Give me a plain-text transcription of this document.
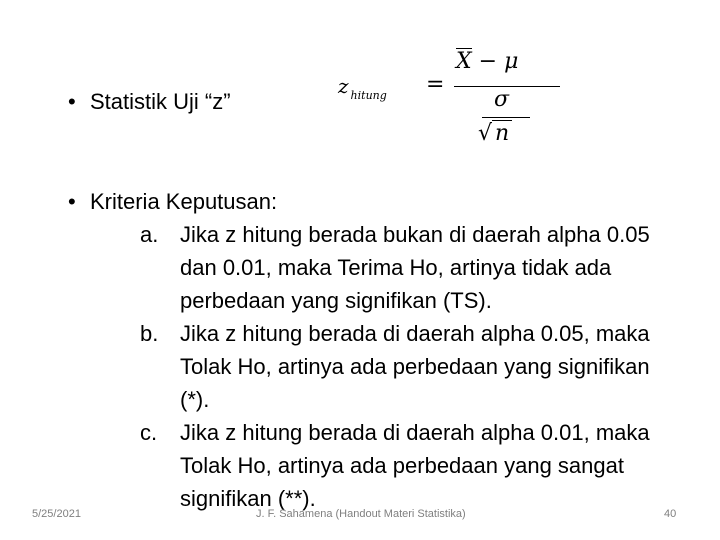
• Statistik Uji “z”
z $_{hitung}$ =
X − μ
σ
√ n
• Kriteria Keputusan:
a. Jika z hitung berada bukan di daerah alpha 0.05 dan 0.01, maka Terima Ho, artinya tidak ada perbedaan yang signifikan (TS).
b. Jika z hitung berada di daerah alpha 0.05, maka Tolak Ho, artinya ada perbedaan yang signifikan (*).
c.	Jika z hitung berada di daerah alpha 0.01, maka Tolak Ho, artinya ada perbedaan yang sangat signifikan (**).
5/25/2021	J. F. Sahamena (Handout Materi Statistika)	40
